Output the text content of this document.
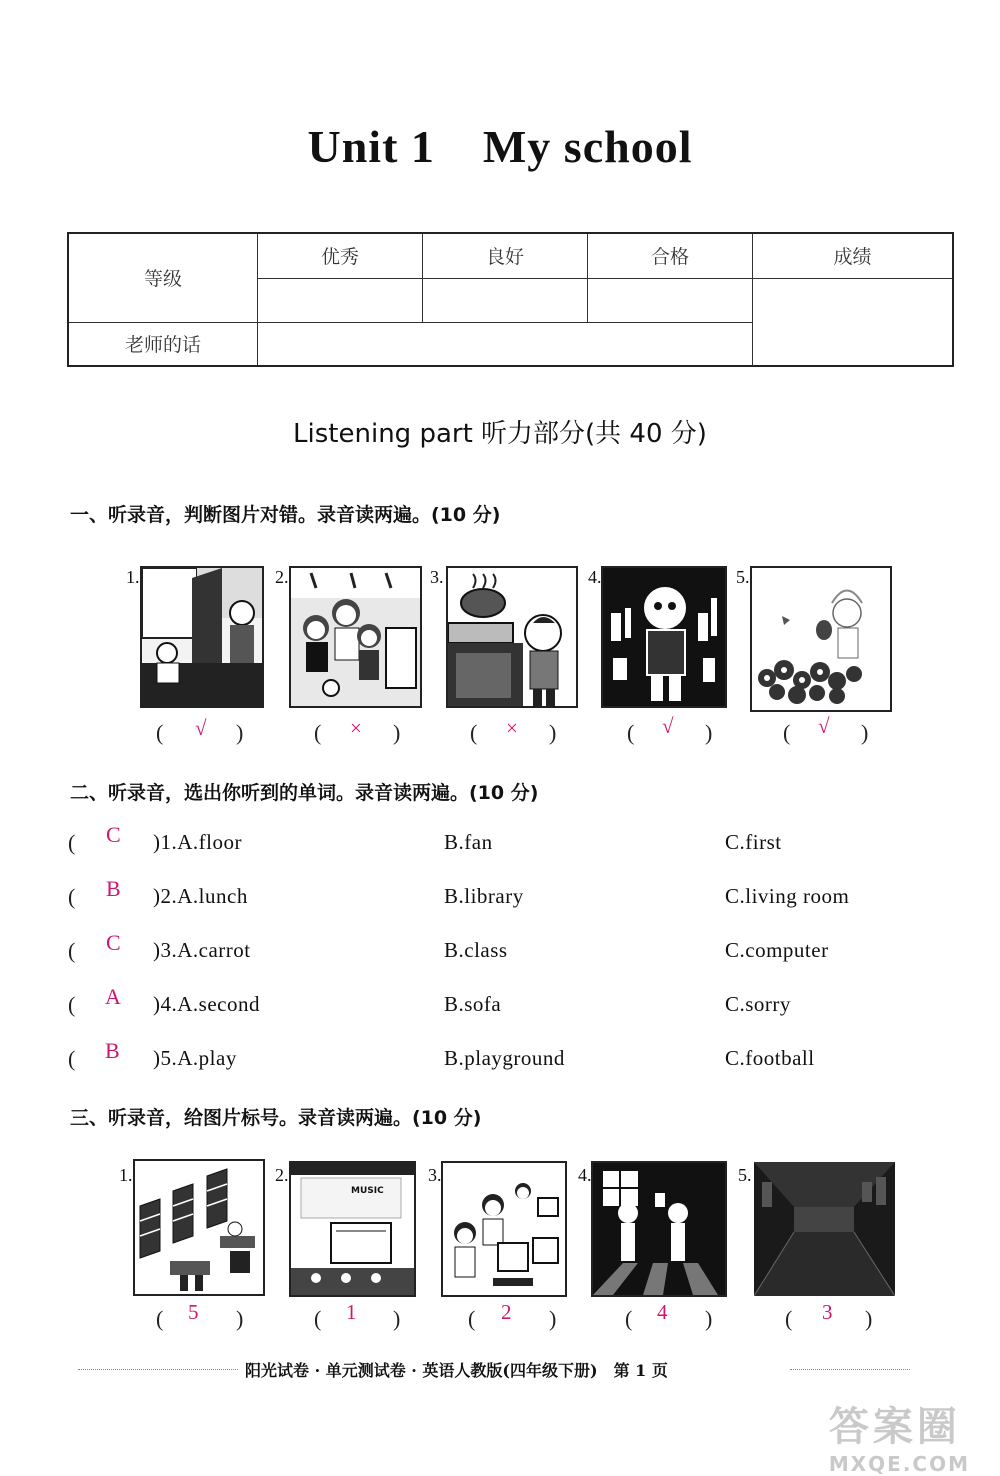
Unit 1 My school
等级	优秀	良好	合格	成绩

老师的话				
Listening part 听力部分(共 40 分)
一、听录音，判断图片对错。录音读两遍。(10 分)
1.	2.	3.	4.	5.
( √ )	( × )	( × )	( √ )	( √ )
二、听录音，选出你听到的单词。录音读两遍。(10 分)
( C )1.A.floor	B.fan	C.first
( B )2.A.lunch	B.library	C.living room
( C )3.A.carrot	B.class	C.computer
( A )4.A.second	B.sofa	C.sorry
( B )5.A.play	B.playground	C.football
三、听录音，给图片标号。录音读两遍。(10 分)
1.	2.	3.	4.	5.
MUSIC
( 5 )	( 1 )	( 2 )	( 4 )	( 3 )
阳光试卷 · 单元测试卷 · 英语人教版(四年级下册)　第 1 页
答案圈
MXQE.COM
